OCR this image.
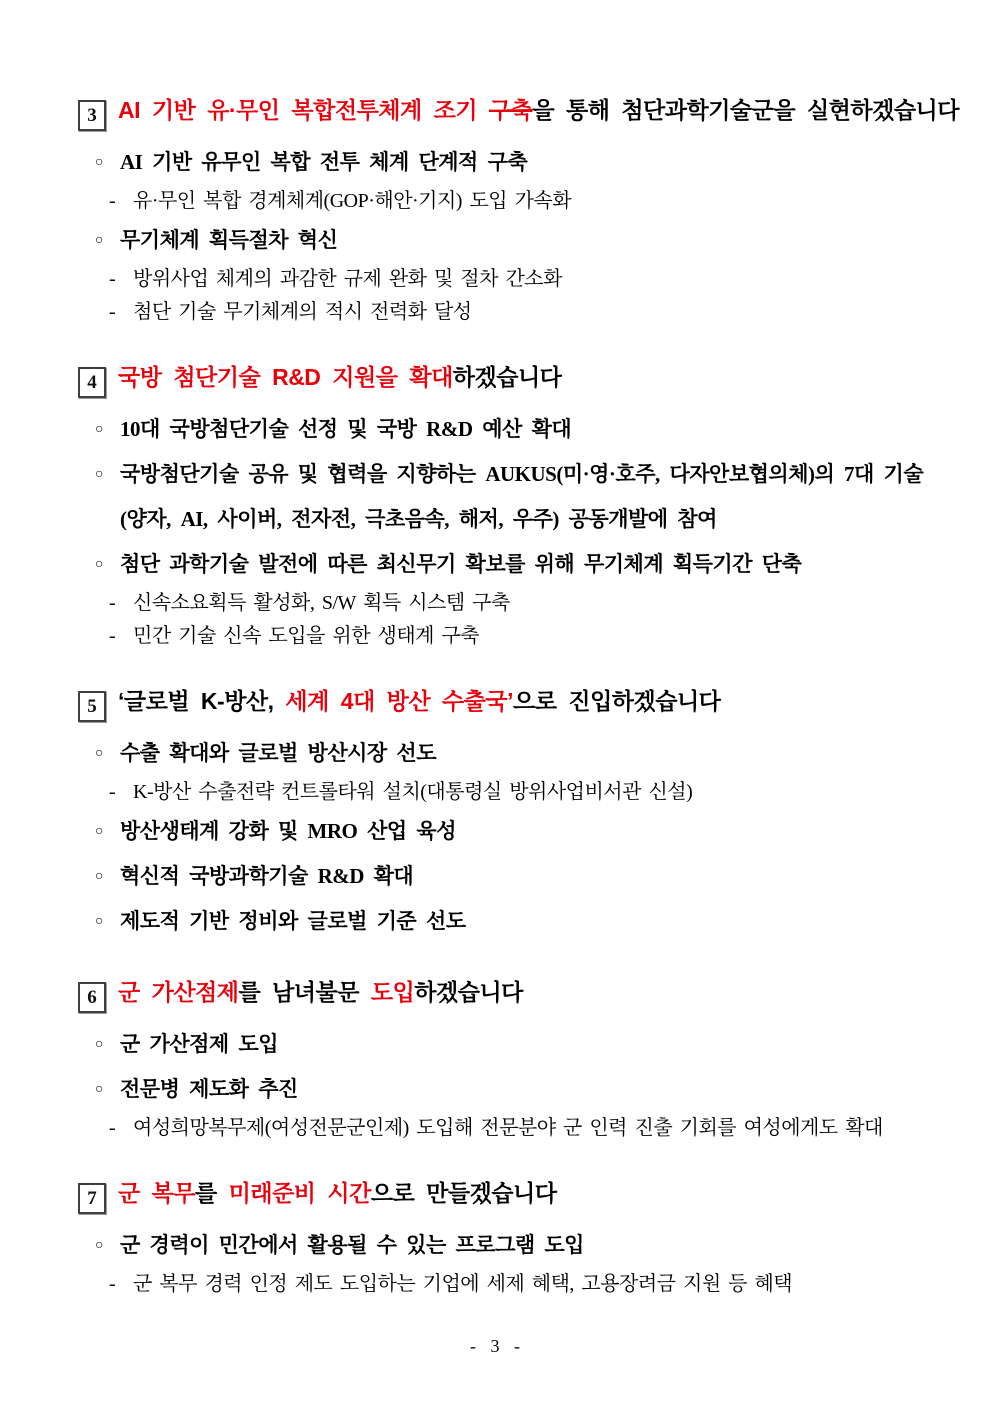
3 AI 기반 유·무인 복합전투체계 조기 구축을 통해 첨단과학기술군을 실현하겠습니다
○ AI 기반 유무인 복합 전투 체계 단계적 구축
- 유·무인 복합 경계체계(GOP·해안·기지) 도입 가속화
○ 무기체계 획득절차 혁신
- 방위사업 체계의 과감한 규제 완화 및 절차 간소화
- 첨단 기술 무기체계의 적시 전력화 달성
4 국방 첨단기술 R&D 지원을 확대하겠습니다
○ 10대 국방첨단기술 선정 및 국방 R&D 예산 확대
○ 국방첨단기술 공유 및 협력을 지향하는 AUKUS(미·영·호주, 다자안보협의체)의 7대 기술(양자, AI, 사이버, 전자전, 극초음속, 해저, 우주) 공동개발에 참여
○ 첨단 과학기술 발전에 따른 최신무기 확보를 위해 무기체계 획득기간 단축
- 신속소요획득 활성화, S/W 획득 시스템 구축
- 민간 기술 신속 도입을 위한 생태계 구축
5 ‘글로벌 K-방산, 세계 4대 방산 수출국’으로 진입하겠습니다
○ 수출 확대와 글로벌 방산시장 선도
- K-방산 수출전략 컨트롤타워 설치(대통령실 방위사업비서관 신설)
○ 방산생태계 강화 및 MRO 산업 육성
○ 혁신적 국방과학기술 R&D 확대
○ 제도적 기반 정비와 글로벌 기준 선도
6 군 가산점제를 남녀불문 도입하겠습니다
○ 군 가산점제 도입
○ 전문병 제도화 추진
- 여성희망복무제(여성전문군인제) 도입해 전문분야 군 인력 진출 기회를 여성에게도 확대
7 군 복무를 미래준비 시간으로 만들겠습니다
○ 군 경력이 민간에서 활용될 수 있는 프로그램 도입
- 군 복무 경력 인정 제도 도입하는 기업에 세제 혜택, 고용장려금 지원 등 혜택
- 3 -
